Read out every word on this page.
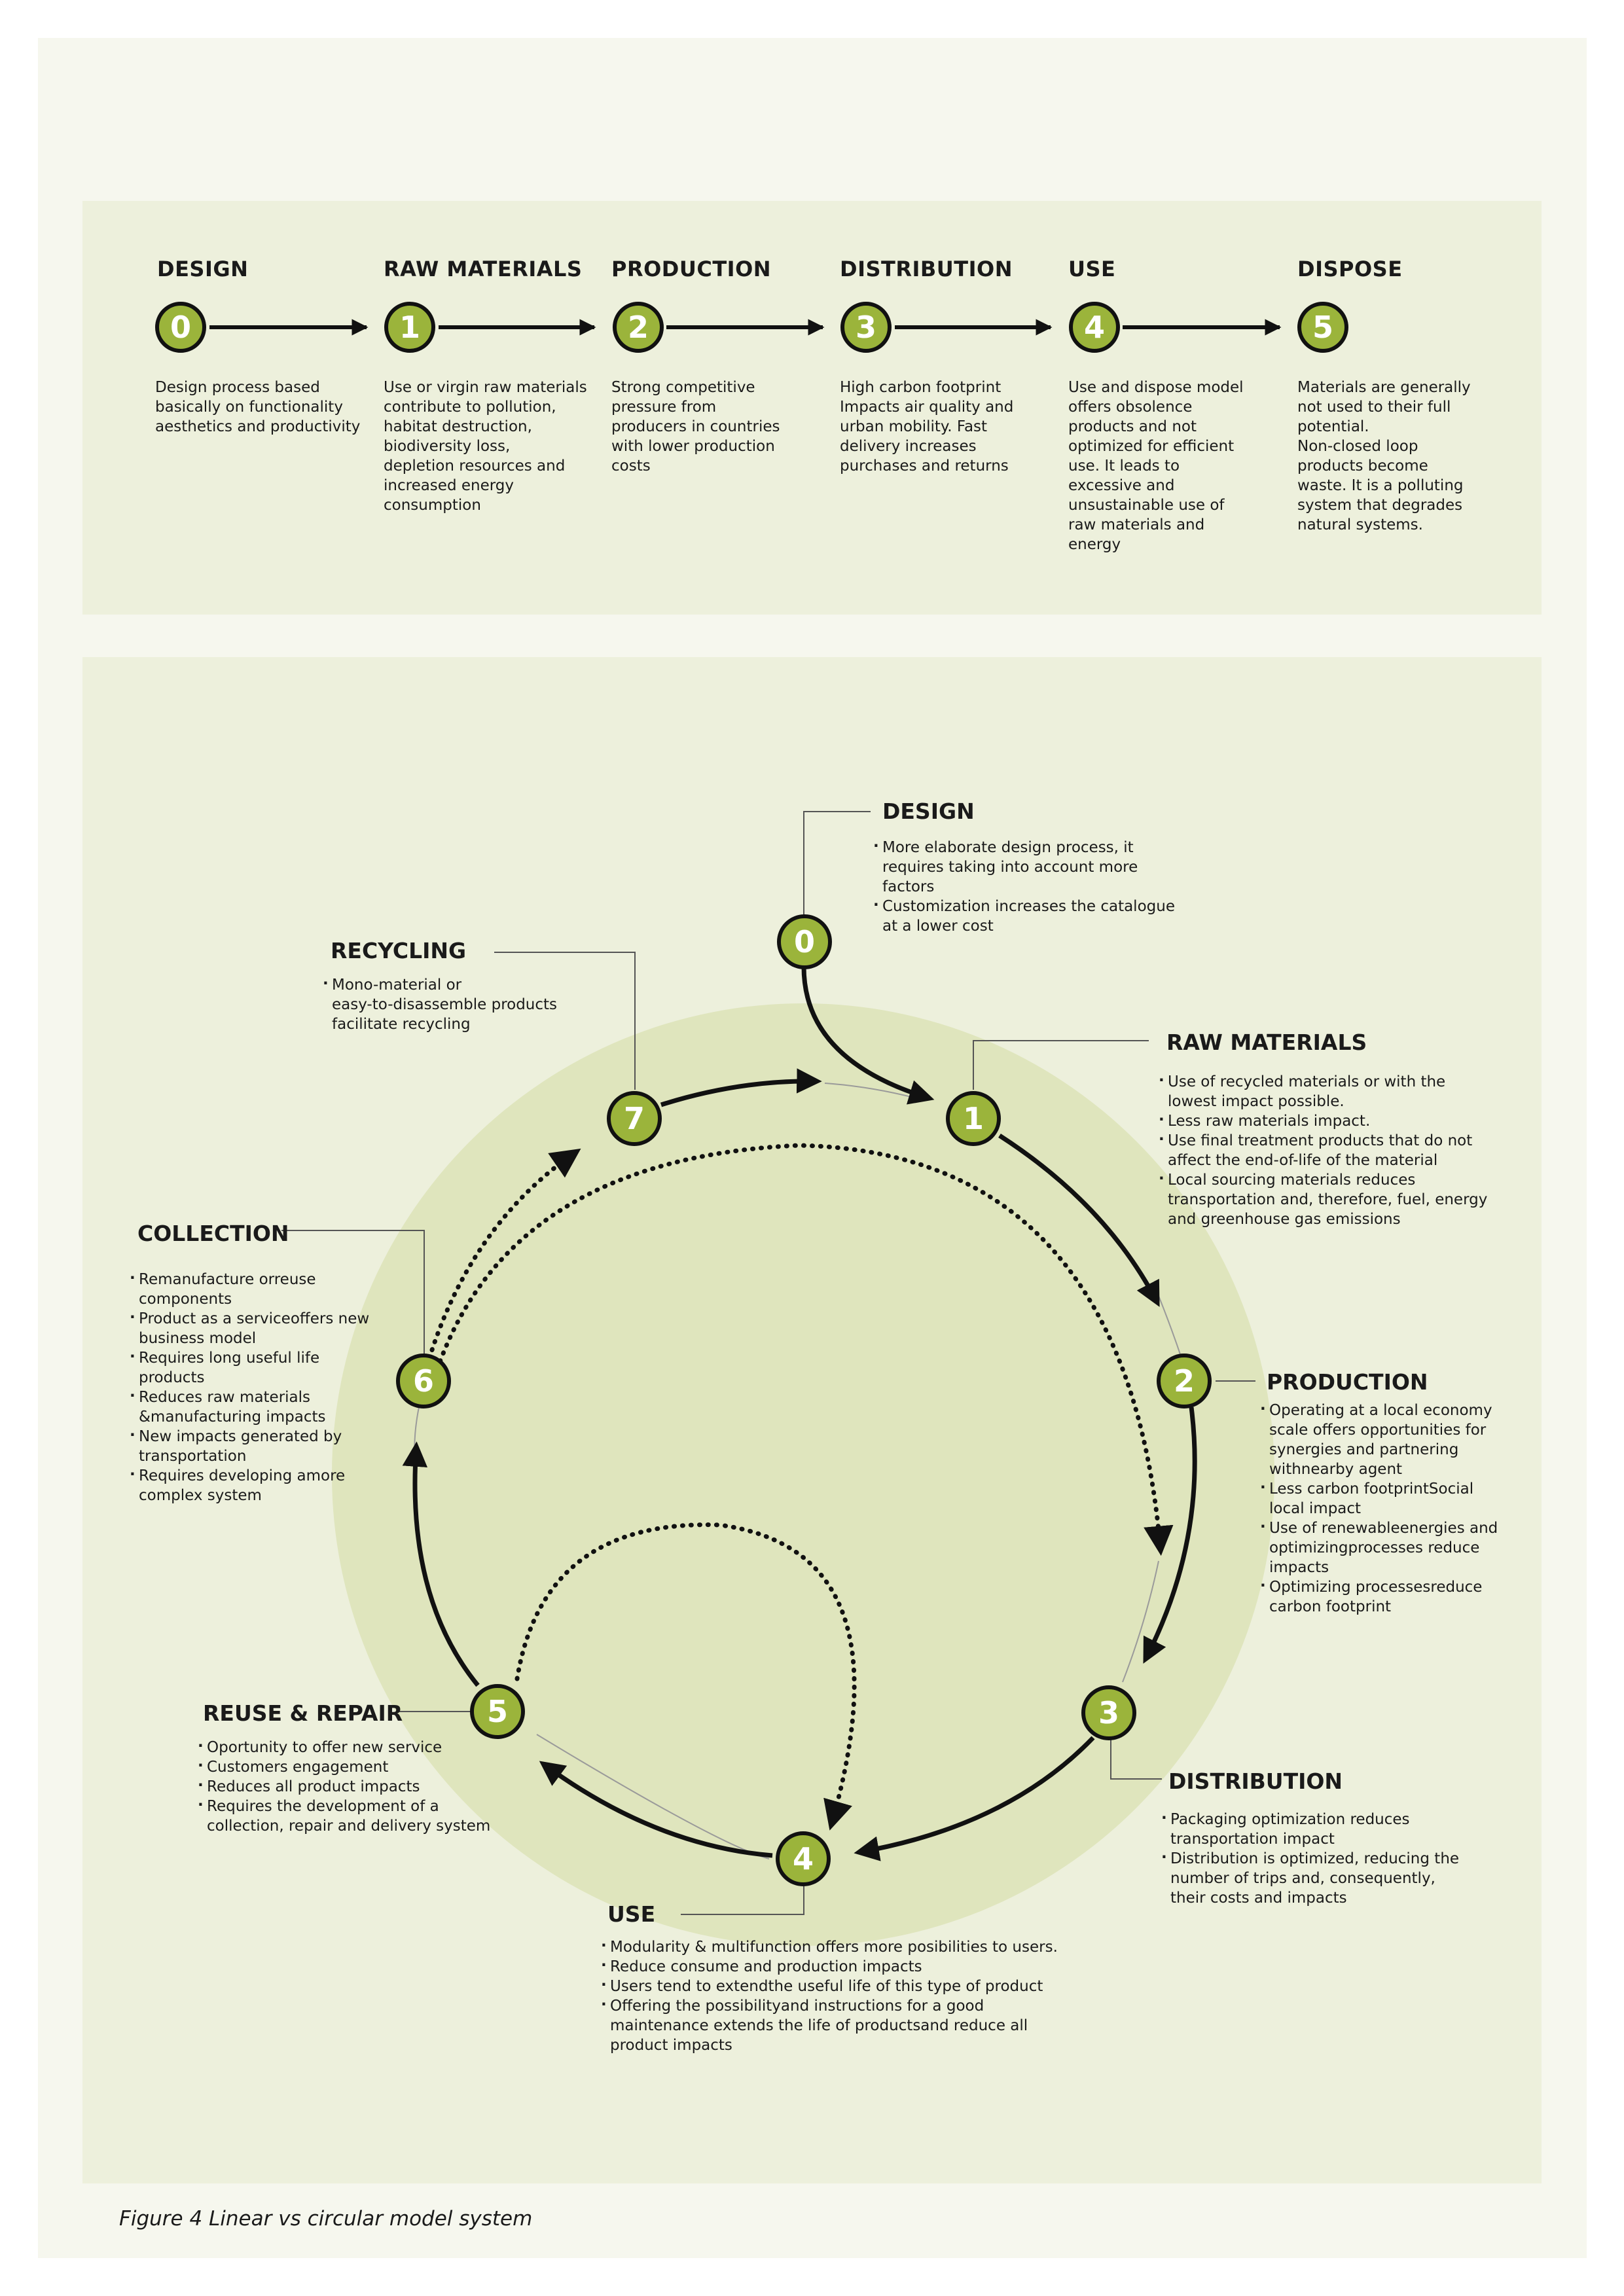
DESIGN
0
Design process based
basically on functionality
aesthetics and productivity
RAW MATERIALS
1
Use or virgin raw materials
contribute to pollution,
habitat destruction,
biodiversity loss,
depletion resources and
increased energy
consumption
PRODUCTION
2
Strong competitive
pressure from
producers in countries
with lower production
costs
DISTRIBUTION
3
High carbon footprint
Impacts air quality and
urban mobility. Fast
delivery increases
purchases and returns
USE
4
Use and dispose model
offers obsolence
products and not
optimized for efficient
use. It leads to
excessive and
unsustainable use of
raw materials and
energy
DISPOSE
5
Materials are generally
not used to their full
potential.
Non-closed loop
products become
waste. It is a polluting
system that degrades
natural systems.
0
1
2
3
4
5
6
7
DESIGN
· More elaborate design process, it
requires taking into account more
factors
· Customization increases the catalogue
at a lower cost
RECYCLING
· Mono-material or
easy-to-disassemble products
facilitate recycling
RAW MATERIALS
· Use of recycled materials or with the
lowest impact possible.
· Less raw materials impact.
· Use final treatment products that do not
affect the end-of-life of the material
· Local sourcing materials reduces
transportation and, therefore, fuel, energy
and greenhouse gas emissions
COLLECTION
· Remanufacture orreuse
components
· Product as a serviceoffers new
business model
· Requires long useful life
products
· Reduces raw materials
&manufacturing impacts
· New impacts generated by
transportation
· Requires developing amore
complex system
PRODUCTION
· Operating at a local economy
scale offers opportunities for
synergies and partnering
withnearby agent
· Less carbon footprintSocial
local impact
· Use of renewableenergies and
optimizingprocesses reduce
impacts
· Optimizing processesreduce
carbon footprint
REUSE & REPAIR
· Oportunity to offer new service
· Customers engagement
· Reduces all product impacts
· Requires the development of a
collection, repair and delivery system
DISTRIBUTION
· Packaging optimization reduces
transportation impact
· Distribution is optimized, reducing the
number of trips and, consequently,
their costs and impacts
USE
· Modularity & multifunction offers more posibilities to users.
· Reduce consume and production impacts
· Users tend to extendthe useful life of this type of product
· Offering the possibilityand instructions for a good
maintenance extends the life of productsand reduce all
product impacts
Figure 4 Linear vs circular model system
